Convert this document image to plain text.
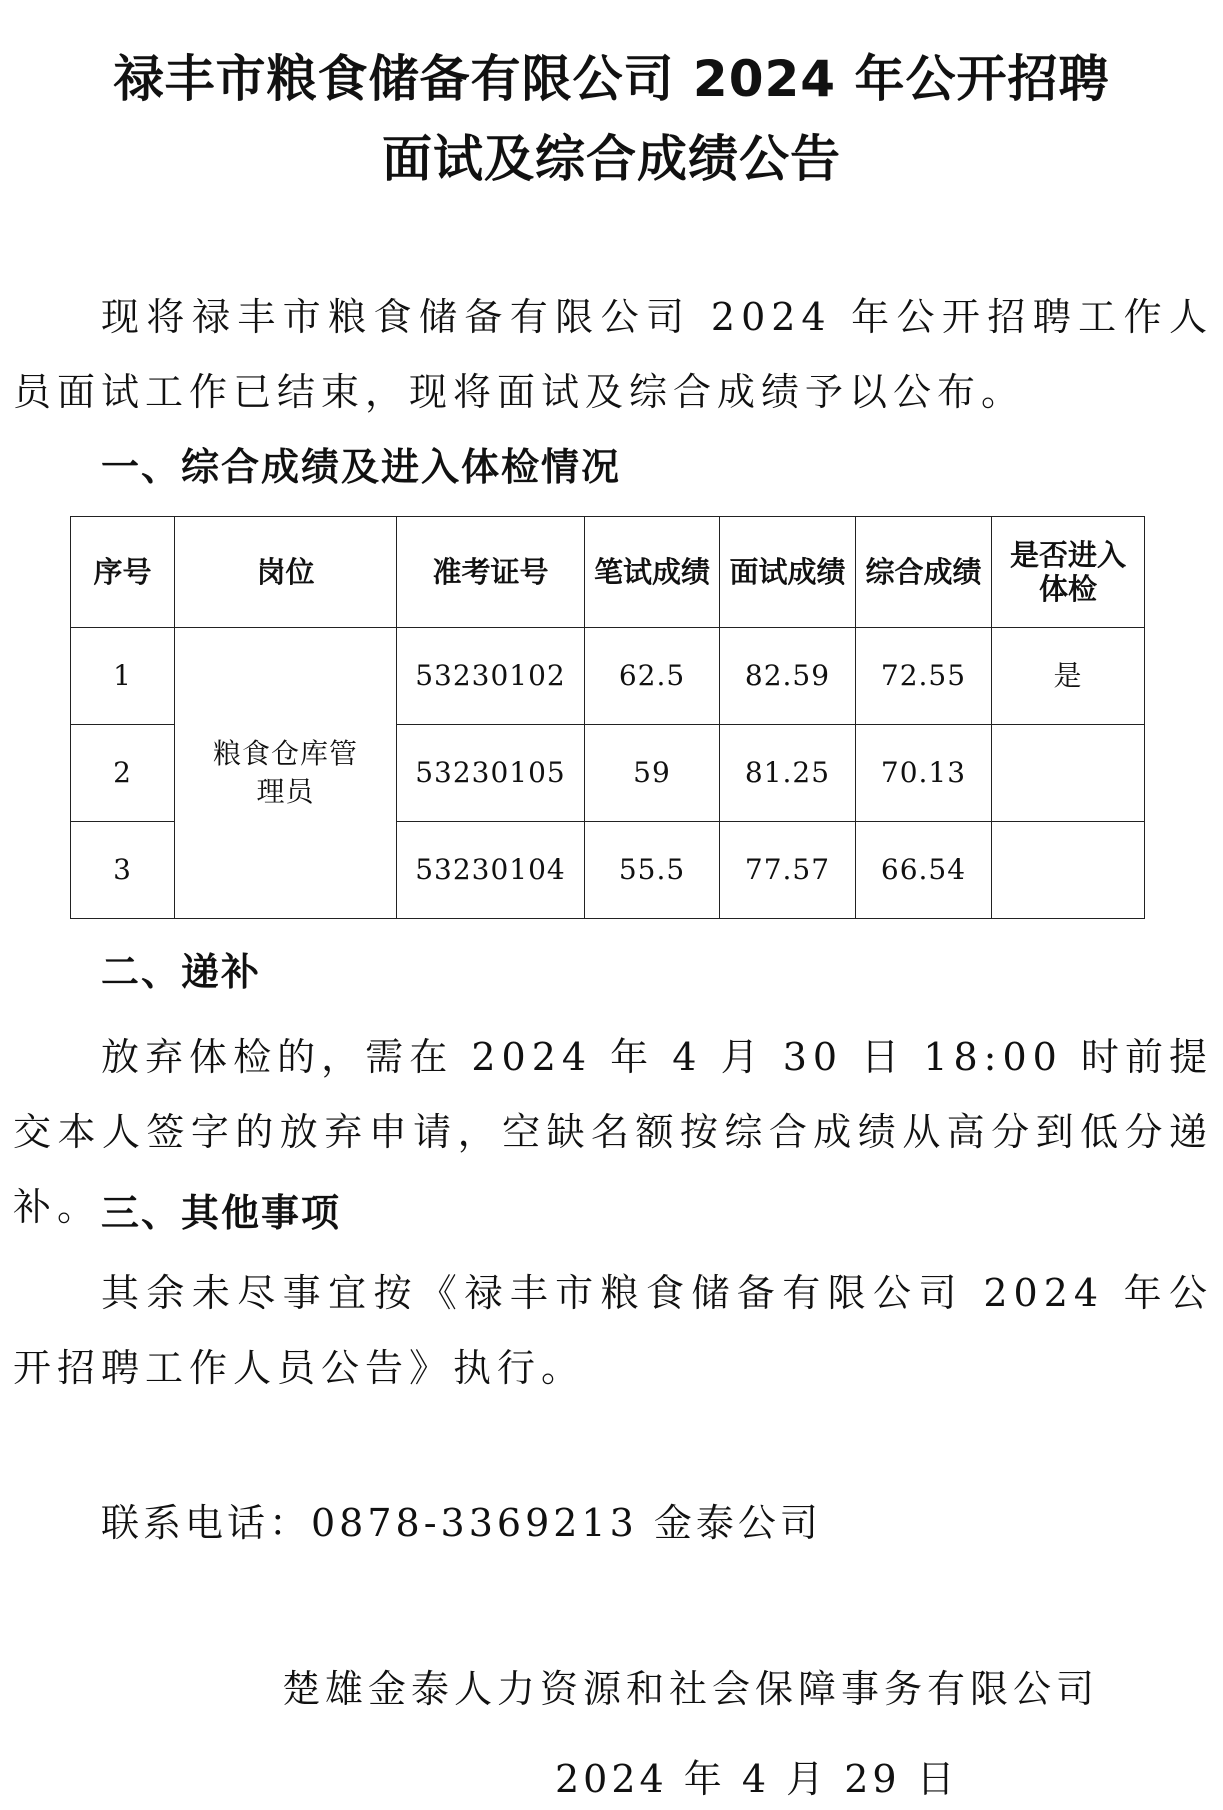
禄丰市粮食储备有限公司 2024 年公开招聘
面试及综合成绩公告

现将禄丰市粮食储备有限公司 2024 年公开招聘工作人员面试工作已结束，现将面试及综合成绩予以公布。

一、综合成绩及进入体检情况
序号	岗位	准考证号	笔试成绩	面试成绩	综合成绩	是否进入体检
1	粮食仓库管理员	53230102	62.5	82.59	72.55	是
2		53230105	59	81.25	70.13	
3		53230104	55.5	77.57	66.54	
二、递补

放弃体检的，需在 2024 年 4 月 30 日 18:00 时前提交本人签字的放弃申请，空缺名额按综合成绩从高分到低分递补。 三、其他事项

其余未尽事宜按《禄丰市粮食储备有限公司 2024 年公开招聘工作人员公告》执行。

联系电话：0878-3369213 金泰公司

楚雄金泰人力资源和社会保障事务有限公司

2024 年 4 月 29 日
